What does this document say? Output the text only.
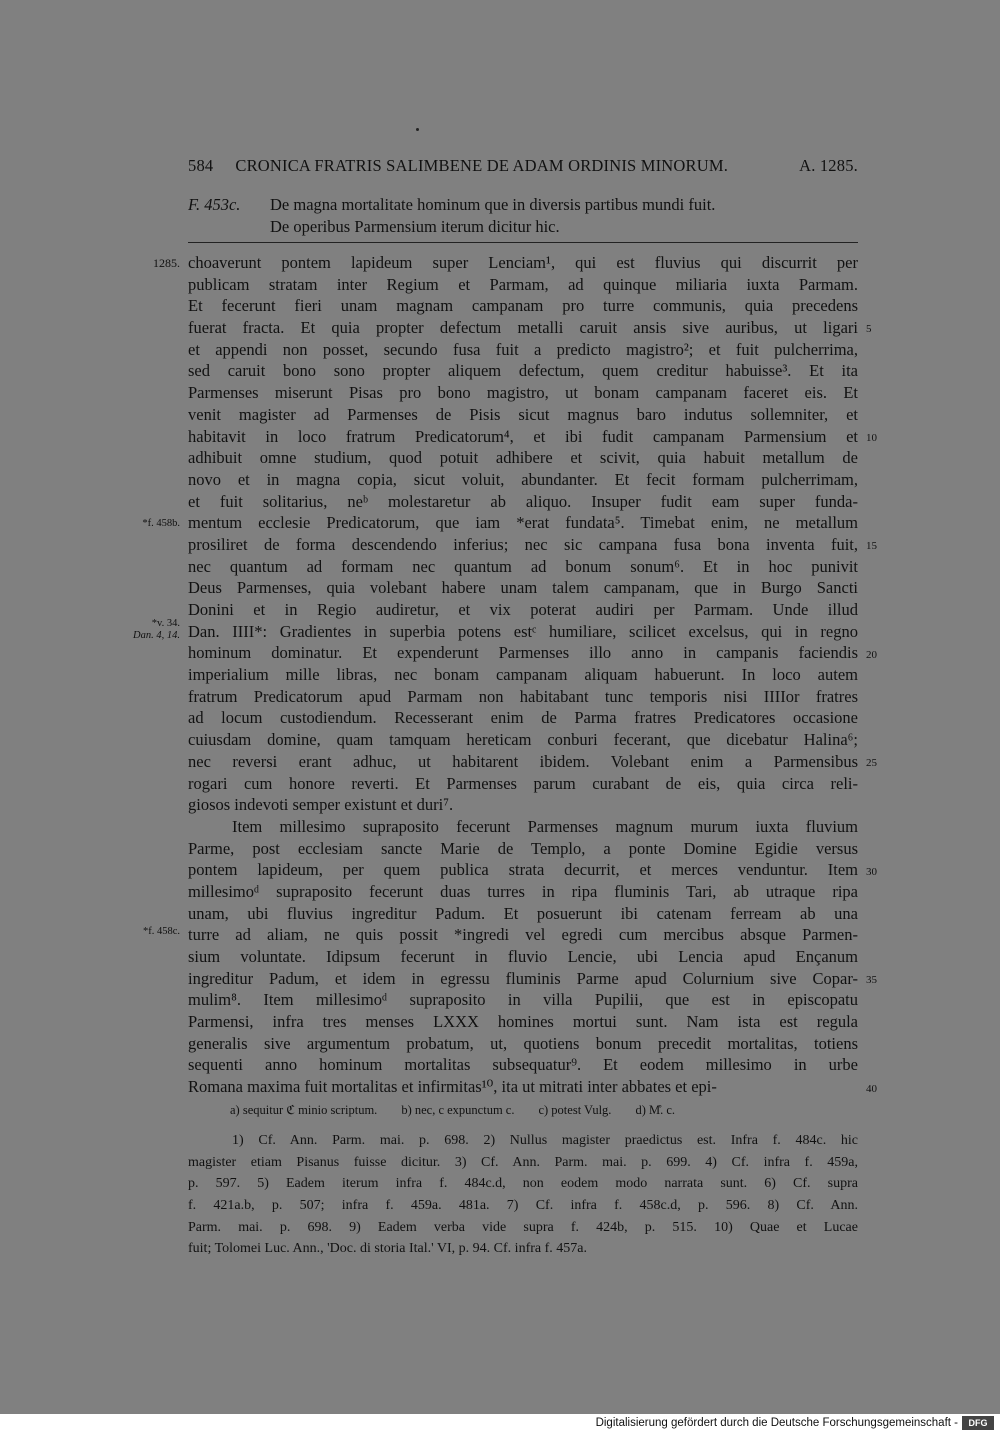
584 CRONICA FRATRIS SALIMBENE DE ADAM ORDINIS MINORUM.	A. 1285.
F. 453c. De magna mortalitate hominum que in diversis partibus mundi fuit.
De operibus Parmensium iterum dicitur hic.
1285.
*f. 458b.
*v. 34.
Dan. 4, 14.
*f. 458c.
choaverunt pontem lapideum super Lenciam¹, qui est fluvius qui discurrit per
publicam stratam inter Regium et Parmam, ad quinque miliaria iuxta Parmam.
Et fecerunt fieri unam magnam campanam pro turre communis, quia precedens
fuerat fracta. Et quia propter defectum metalli caruit ansis sive auribus, ut ligari
et appendi non posset, secundo fusa fuit a predicto magistro²; et fuit pulcherrima,
sed caruit bono sono propter aliquem defectum, quem creditur habuisse³. Et ita
Parmenses miserunt Pisas pro bono magistro, ut bonam campanam faceret eis. Et
venit magister ad Parmenses de Pisis sicut magnus baro indutus sollemniter, et
habitavit in loco fratrum Predicatorum⁴, et ibi fudit campanam Parmensium et
adhibuit omne studium, quod potuit adhibere et scivit, quia habuit metallum de
novo et in magna copia, sicut voluit, abundanter. Et fecit formam pulcherrimam,
et fuit solitarius, neᵇ molestaretur ab aliquo. Insuper fudit eam super funda-
mentum ecclesie Predicatorum, que iam *erat fundata⁵. Timebat enim, ne metallum
prosiliret de forma descendendo inferius; nec sic campana fusa bona inventa fuit,
nec quantum ad formam nec quantum ad bonum sonum⁶. Et in hoc punivit
Deus Parmenses, quia volebant habere unam talem campanam, que in Burgo Sancti
Donini et in Regio audiretur, et vix poterat audiri per Parmam. Unde illud
Dan. IIII*: Gradientes in superbia potens estᶜ humiliare, scilicet excelsus, qui in regno
hominum dominatur. Et expenderunt Parmenses illo anno in campanis faciendis
imperialium mille libras, nec bonam campanam aliquam habuerunt. In loco autem
fratrum Predicatorum apud Parmam non habitabant tunc temporis nisi IIIIor fratres
ad locum custodiendum. Recesserant enim de Parma fratres Predicatores occasione
cuiusdam domine, quam tamquam hereticam conburi fecerant, que dicebatur Halina⁶;
nec reversi erant adhuc, ut habitarent ibidem. Volebant enim a Parmensibus
rogari cum honore reverti. Et Parmenses parum curabant de eis, quia circa reli-
giosos indevoti semper existunt et duri⁷.
Item millesimo supraposito fecerunt Parmenses magnum murum iuxta fluvium
Parme, post ecclesiam sancte Marie de Templo, a ponte Domine Egidie versus
pontem lapideum, per quem publica strata decurrit, et merces venduntur. Item
millesimoᵈ supraposito fecerunt duas turres in ripa fluminis Tari, ab utraque ripa
unam, ubi fluvius ingreditur Padum. Et posuerunt ibi catenam ferream ab una
turre ad aliam, ne quis possit *ingredi vel egredi cum mercibus absque Parmen-
sium voluntate. Idipsum fecerunt in fluvio Lencie, ubi Lencia apud Ençanum
ingreditur Padum, et idem in egressu fluminis Parme apud Colurnium sive Copar-
mulim⁸. Item millesimoᵈ supraposito in villa Pupilii, que est in episcopatu
Parmensi, infra tres menses LXXX homines mortui sunt. Nam ista est regula
generalis sive argumentum probatum, ut, quotiens bonum precedit mortalitas, totiens
sequenti anno hominum mortalitas subsequatur⁹. Et eodem millesimo in urbe
Romana maxima fuit mortalitas et infirmitas¹⁰, ita ut mitrati inter abbates et epi-
5
10
15
20
25
30
35
40
a) sequitur ℭ minio scriptum. b) nec, c expunctum c. c) potest Vulg. d) M̊. c.
1) Cf. Ann. Parm. mai. p. 698. 2) Nullus magister praedictus est. Infra f. 484c. hic
magister etiam Pisanus fuisse dicitur. 3) Cf. Ann. Parm. mai. p. 699. 4) Cf. infra f. 459a,
p. 597. 5) Eadem iterum infra f. 484c.d, non eodem modo narrata sunt. 6) Cf. supra
f. 421a.b, p. 507; infra f. 459a. 481a. 7) Cf. infra f. 458c.d, p. 596. 8) Cf. Ann.
Parm. mai. p. 698. 9) Eadem verba vide supra f. 424b, p. 515. 10) Quae et Lucae
fuit; Tolomei Luc. Ann., 'Doc. di storia Ital.' VI, p. 94. Cf. infra f. 457a.
Digitalisierung gefördert durch die Deutsche Forschungsgemeinschaft -	DFG
